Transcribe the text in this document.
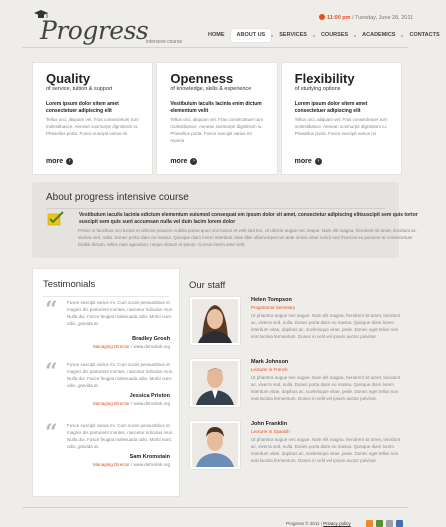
Progress
intensive course
11:00 pm / Tuesday, June 28, 2011
HOME	ABOUT US	SERVICES	COURSES	ACADEMICS	CONTACTS
Quality
of service, tuition & support
Lorem ipsum dolor sitem amet consectetuer adipiscing elit
Tellus orci, aliquam vel. Fras consectetuer turn molestibasce. Aenean sosmurpe dignitissm iu. Phasellus porta. Fusce suscipit varius mi
more	›
Openness
of knowledge, skills & experience
Vestibulum iaculis lacinia enim dictum elementum velit
Tellus orci, aliquam vel. Fras consectetuer turn molestibasce. Aenean sosmurpe dignitissm iu. Phasellus porta. Fusce suscipit varius mi reperia
more	›
Flexibility
of studying options
Lorem ipsum dolor sitem amet consectetuer adipiscing elit
Tellus orci, aliquam vel. Fras consectetuer turn molestibasce. Aenean sosmurpe dignitissm iu. Phasellus porta. Fusce suscipit varius mi
more	›
About progress intensive course
Vestibulum iaculis lacinia edictum elementum euismod consequat em ipsum dolor sit amet, consectetur adipiscing elitsuscipit sem quis tortor suscipit sem quis sunt accumsan nulla vel duin lacim lorem dolor
Primis in faucibus orci luctus et ultrices posuere cubilia porea ques orci luctus et velit sed leo. Ut ultricie augue nec neque. Nam elit magna, hendrerit sit amet, tincidunt ac, viverra sed, nulla. Donec porta diam eu massa. Quisque diam lorem interdum vitae tible ullamcorpercus ante omnis vitae nolicit sed rhoncus eu posuere at consectetuer facilisi dictum, tellus nam agendum, neque dictum et ipsum. Curvus lorem ante velit.
Testimonials
“ Fusce suscipit varius mi. Cum sociis penaustibus et magnis dis parturient montes, nascetur ridiculus mus. Nulla dui. Fusce feugiat malesuada odio. Morbi nunc odio, gravida at.
Bradley Grosh
Managing Director / www.demolink.org
“ Fusce suscipit varius mi. Cum sociis penaustibus et magnis dis parturient montes, nascetur ridiculus mus. Nulla dui. Fusce feugiat malesuada odio. Morbi nunc odio, gravida at.
Jessica Priston
Managing Director / www.demolink.org
“ Fusce suscipit varius mi. Cum sociis penaustibus et magnis dis parturient montes, nascetur ridiculus mus. Nulla dui. Fusce feugiat malesuada odio. Morbi nunc odio, gravida at.
Sam Kromstain
Managing Director / www.demolink.org
Our staff
Helen Tompson
Programme Secretary
Ut pharetra augue nec augue. Nam elit magna, hendrerit sit amet, tincidunt ac, viverra sed, nulla. Donec porta diam eu massa. Quisque diam lorem interdum vitae, dapibus ac, scelerisque vitae, pede. Donec eget tellus non erat lacinia fermentum. Donec in velit vel ipsum auctor pulvinar.
Mark Johnson
Lecturer in French
Ut pharetra augue nec augue. Nam elit magna, hendrerit sit amet, tincidunt ac, viverra sed, nulla. Donec porta diam eu massa. Quisque diam lorem interdum vitae, dapibus ac, scelerisque vitae, pede. Donec eget tellus non erat lacinia fermentum. Donec in velit vel ipsum auctor pulvinar.
John Franklin
Lecturer in Spanish
Ut pharetra augue nec augue. Nam elit magna, hendrerit sit amet, tincidunt ac, viverra sed, nulla. Donec porta diam eu massa. Quisque diam lorem interdum vitae, dapibus ac, scelerisque vitae, pede. Donec eget tellus non erat lacinia fermentum. Donec in velit vel ipsum auctor pulvinar.
Progress © 2011 | Privacy policy
